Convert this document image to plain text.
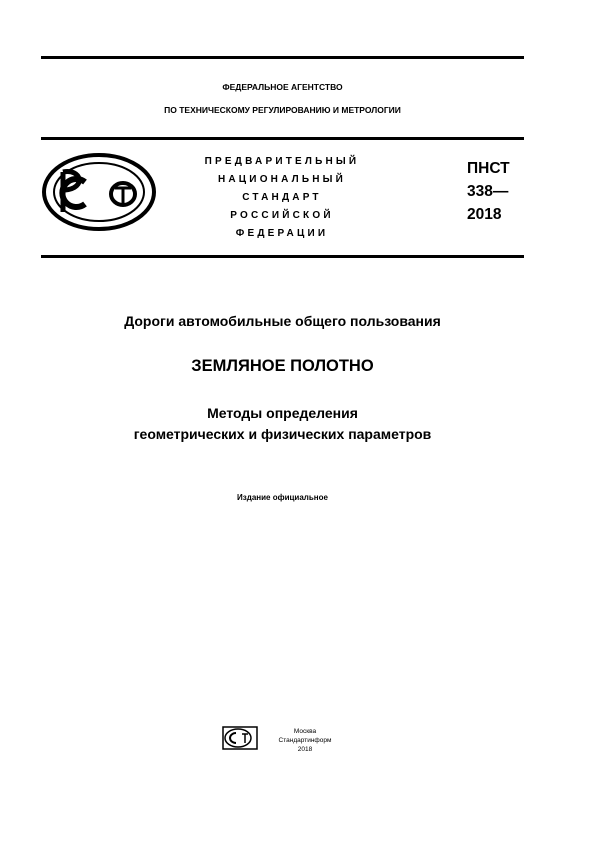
ФЕДЕРАЛЬНОЕ АГЕНТСТВО
ПО ТЕХНИЧЕСКОМУ РЕГУЛИРОВАНИЮ И МЕТРОЛОГИИ
ПРЕДВАРИТЕЛЬНЫЙ
НАЦИОНАЛЬНЫЙ
СТАНДАРТ
РОССИЙСКОЙ
ФЕДЕРАЦИИ
ПНСТ
338—
2018
Дороги автомобильные общего пользования
ЗЕМЛЯНОЕ ПОЛОТНО
Методы определения
геометрических и физических параметров
Издание официальное
Москва
Стандартинформ
2018
